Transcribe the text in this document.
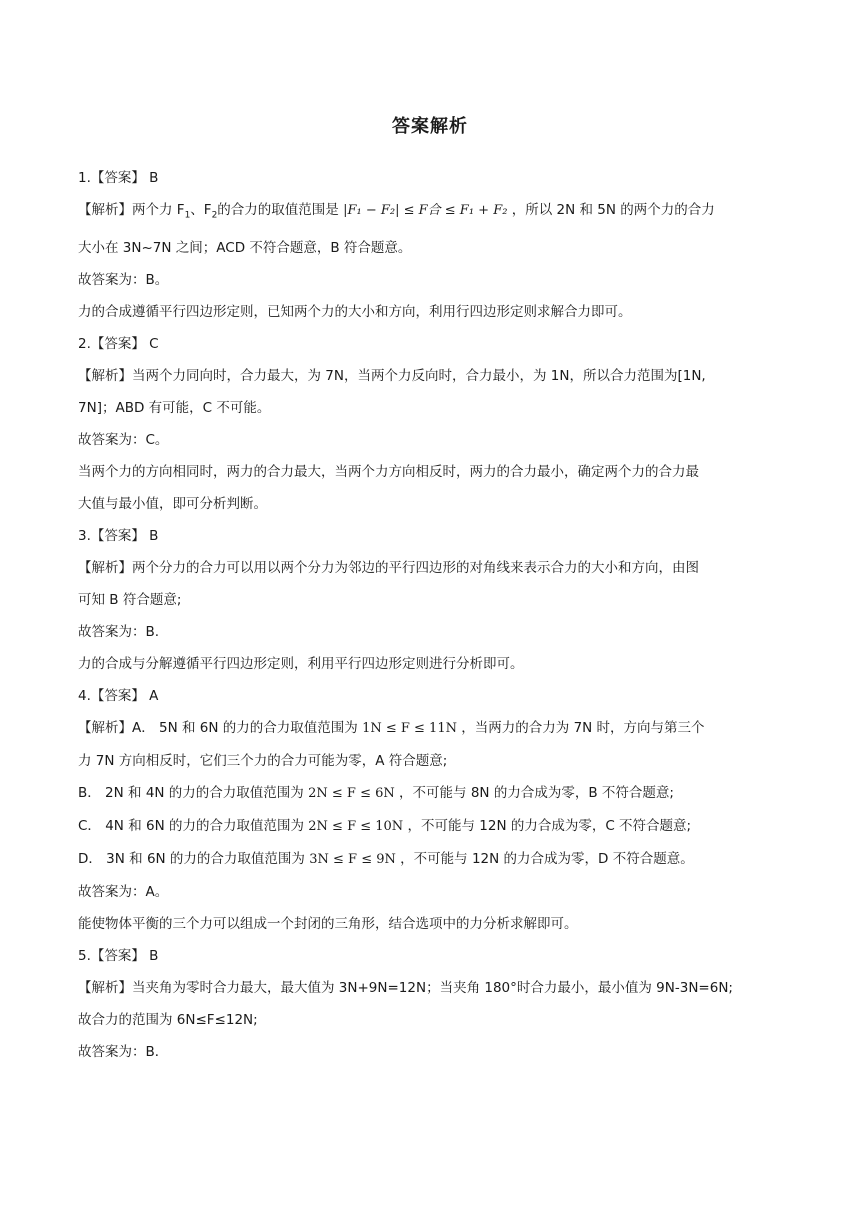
答案解析
1.【答案】 B
【解析】两个力 $F_1$、$F_2$的合力的取值范围是 |F₁ − F₂| ≤ F合 ≤ F₁ + F₂ ，所以 2N 和 5N 的两个力的合力
大小在 3N~7N 之间；ACD 不符合题意，B 符合题意。
故答案为：B。
力的合成遵循平行四边形定则，已知两个力的大小和方向，利用行四边形定则求解合力即可。
2.【答案】 C
【解析】当两个力同向时，合力最大，为 7N，当两个力反向时，合力最小，为 1N，所以合力范围为[1N,
7N]；ABD 有可能，C 不可能。
故答案为：C。
当两个力的方向相同时，两力的合力最大，当两个力方向相反时，两力的合力最小，确定两个力的合力最
大值与最小值，即可分析判断。
3.【答案】 B
【解析】两个分力的合力可以用以两个分力为邻边的平行四边形的对角线来表示合力的大小和方向，由图
可知 B 符合题意;
故答案为：B.
力的合成与分解遵循平行四边形定则，利用平行四边形定则进行分析即可。
4.【答案】 A
【解析】A． 5N 和 6N 的力的合力取值范围为 1N ≤ F ≤ 11N ，当两力的合力为 7N 时，方向与第三个
力 7N 方向相反时，它们三个力的合力可能为零，A 符合题意;
B． 2N 和 4N 的力的合力取值范围为 2N ≤ F ≤ 6N ，不可能与 8N 的力合成为零，B 不符合题意;
C． 4N 和 6N 的力的合力取值范围为 2N ≤ F ≤ 10N ，不可能与 12N 的力合成为零，C 不符合题意;
D． 3N 和 6N 的力的合力取值范围为 3N ≤ F ≤ 9N ，不可能与 12N 的力合成为零，D 不符合题意。
故答案为：A。
能使物体平衡的三个力可以组成一个封闭的三角形，结合选项中的力分析求解即可。
5.【答案】 B
【解析】当夹角为零时合力最大，最大值为 3N+9N=12N；当夹角 180°时合力最小，最小值为 9N-3N=6N;
故合力的范围为 6N≤F≤12N;
故答案为：B．
